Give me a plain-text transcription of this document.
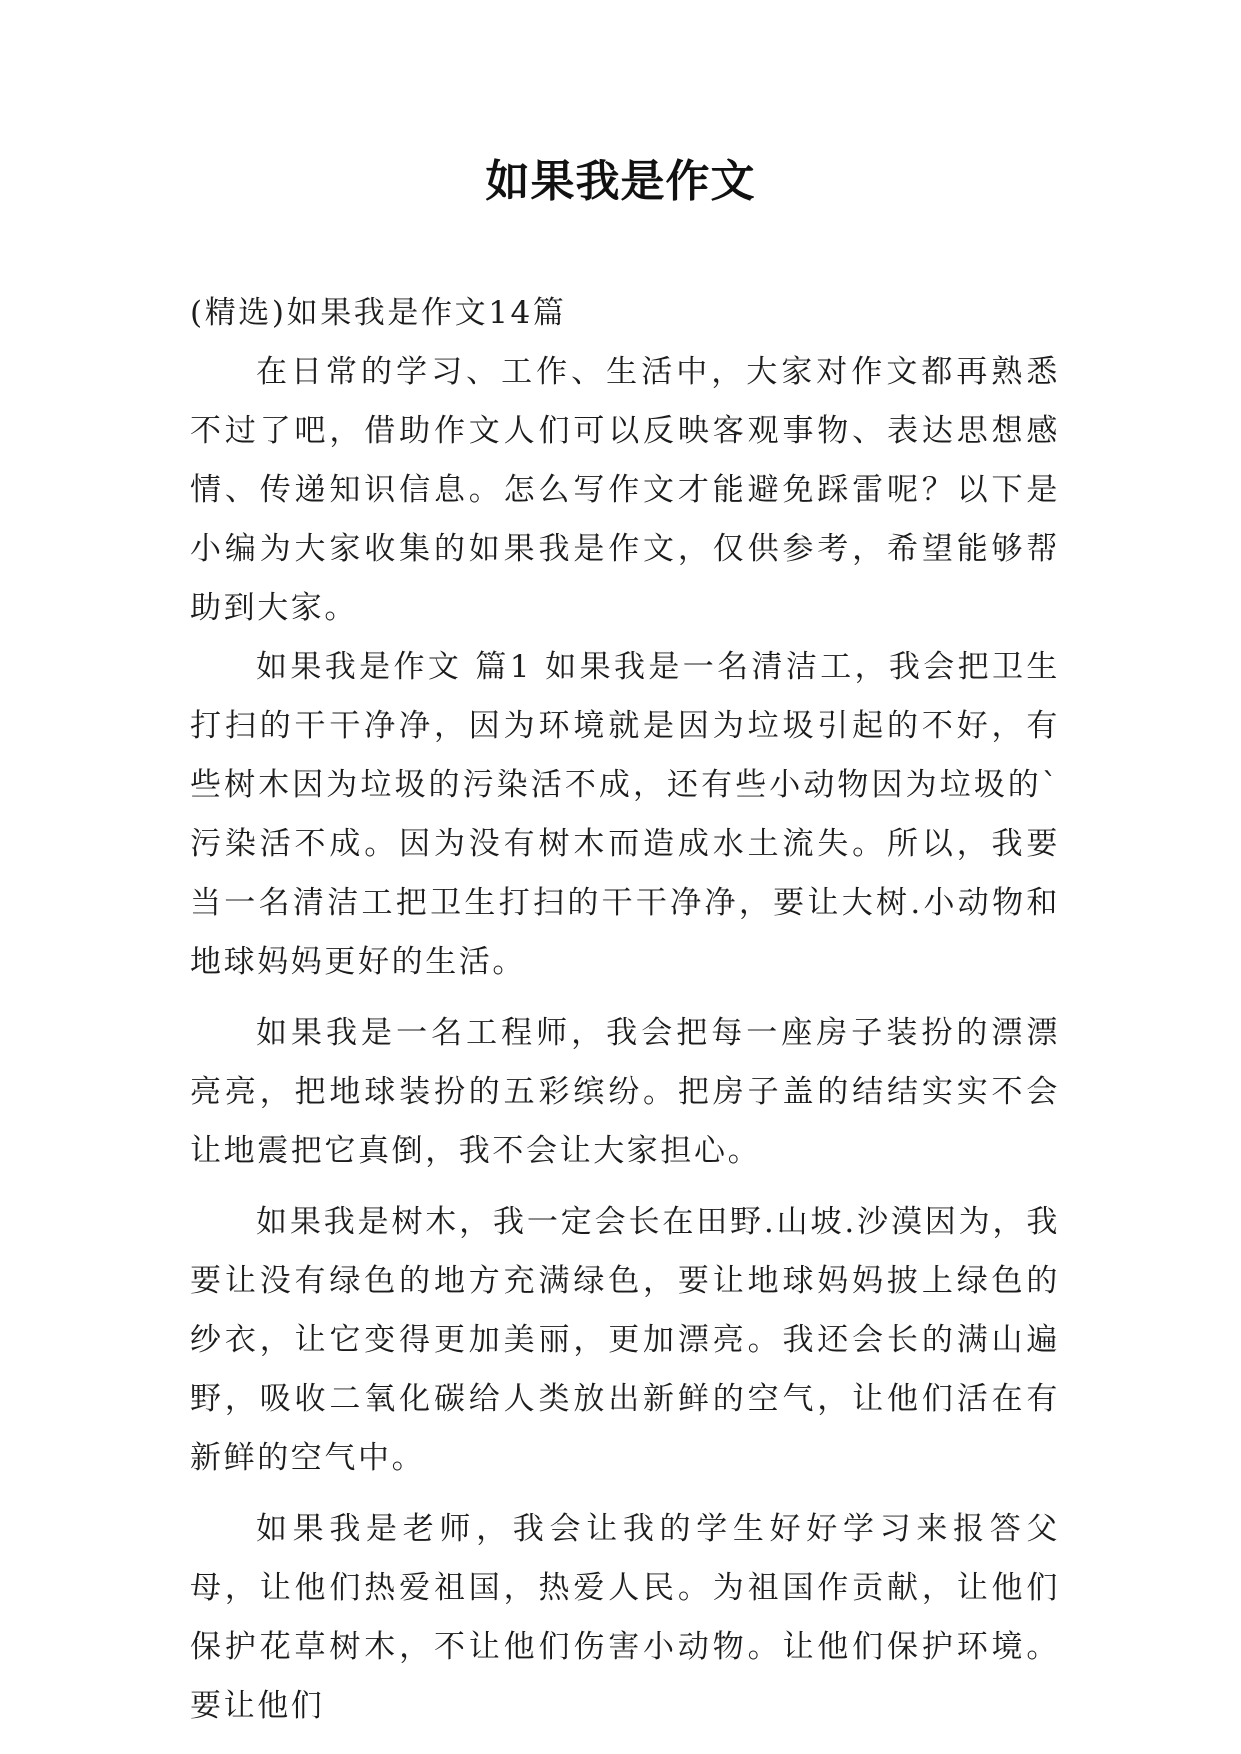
如果我是作文

(精选)如果我是作文14篇

在日常的学习、工作、生活中，大家对作文都再熟悉不过了吧，借助作文人们可以反映客观事物、表达思想感情、传递知识信息。怎么写作文才能避免踩雷呢？以下是小编为大家收集的如果我是作文，仅供参考，希望能够帮助到大家。

如果我是作文 篇1 如果我是一名清洁工，我会把卫生打扫的干干净净，因为环境就是因为垃圾引起的不好，有些树木因为垃圾的污染活不成，还有些小动物因为垃圾的`污染活不成。因为没有树木而造成水土流失。所以，我要当一名清洁工把卫生打扫的干干净净，要让大树.小动物和地球妈妈更好的生活。

如果我是一名工程师，我会把每一座房子装扮的漂漂亮亮，把地球装扮的五彩缤纷。把房子盖的结结实实不会让地震把它真倒，我不会让大家担心。

如果我是树木，我一定会长在田野.山坡.沙漠因为，我要让没有绿色的地方充满绿色，要让地球妈妈披上绿色的纱衣，让它变得更加美丽，更加漂亮。我还会长的满山遍野，吸收二氧化碳给人类放出新鲜的空气，让他们活在有新鲜的空气中。

如果我是老师，我会让我的学生好好学习来报答父母，让他们热爱祖国，热爱人民。为祖国作贡献，让他们保护花草树木，不让他们伤害小动物。让他们保护环境。要让他们
